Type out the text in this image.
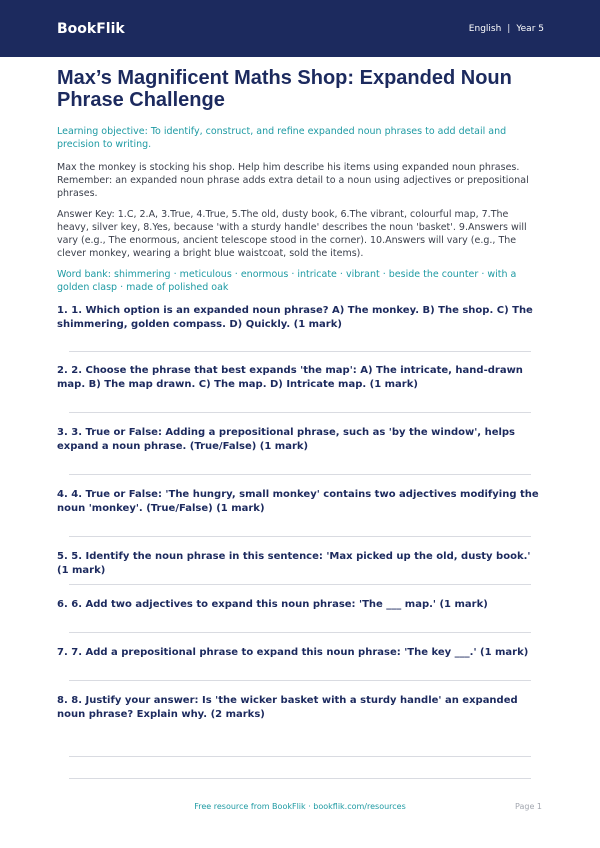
BookFlik	English | Year 5
Max’s Magnificent Maths Shop: Expanded Noun Phrase Challenge
Learning objective: To identify, construct, and refine expanded noun phrases to add detail and precision to writing.
Max the monkey is stocking his shop. Help him describe his items using expanded noun phrases. Remember: an expanded noun phrase adds extra detail to a noun using adjectives or prepositional phrases.
Answer Key: 1.C, 2.A, 3.True, 4.True, 5.The old, dusty book, 6.The vibrant, colourful map, 7.The heavy, silver key, 8.Yes, because 'with a sturdy handle' describes the noun 'basket'. 9.Answers will vary (e.g., The enormous, ancient telescope stood in the corner). 10.Answers will vary (e.g., The clever monkey, wearing a bright blue waistcoat, sold the items).
Word bank: shimmering · meticulous · enormous · intricate · vibrant · beside the counter · with a golden clasp · made of polished oak
1. 1. Which option is an expanded noun phrase? A) The monkey. B) The shop. C) The shimmering, golden compass. D) Quickly. (1 mark)
2. 2. Choose the phrase that best expands 'the map': A) The intricate, hand-drawn map. B) The map drawn. C) The map. D) Intricate map. (1 mark)
3. 3. True or False: Adding a prepositional phrase, such as 'by the window', helps expand a noun phrase. (True/False) (1 mark)
4. 4. True or False: 'The hungry, small monkey' contains two adjectives modifying the noun 'monkey'. (True/False) (1 mark)
5. 5. Identify the noun phrase in this sentence: 'Max picked up the old, dusty book.' (1 mark)
6. 6. Add two adjectives to expand this noun phrase: 'The ___ map.' (1 mark)
7. 7. Add a prepositional phrase to expand this noun phrase: 'The key ___.' (1 mark)
8. 8. Justify your answer: Is 'the wicker basket with a sturdy handle' an expanded noun phrase? Explain why. (2 marks)
Free resource from BookFlik · bookflik.com/resources	Page 1
